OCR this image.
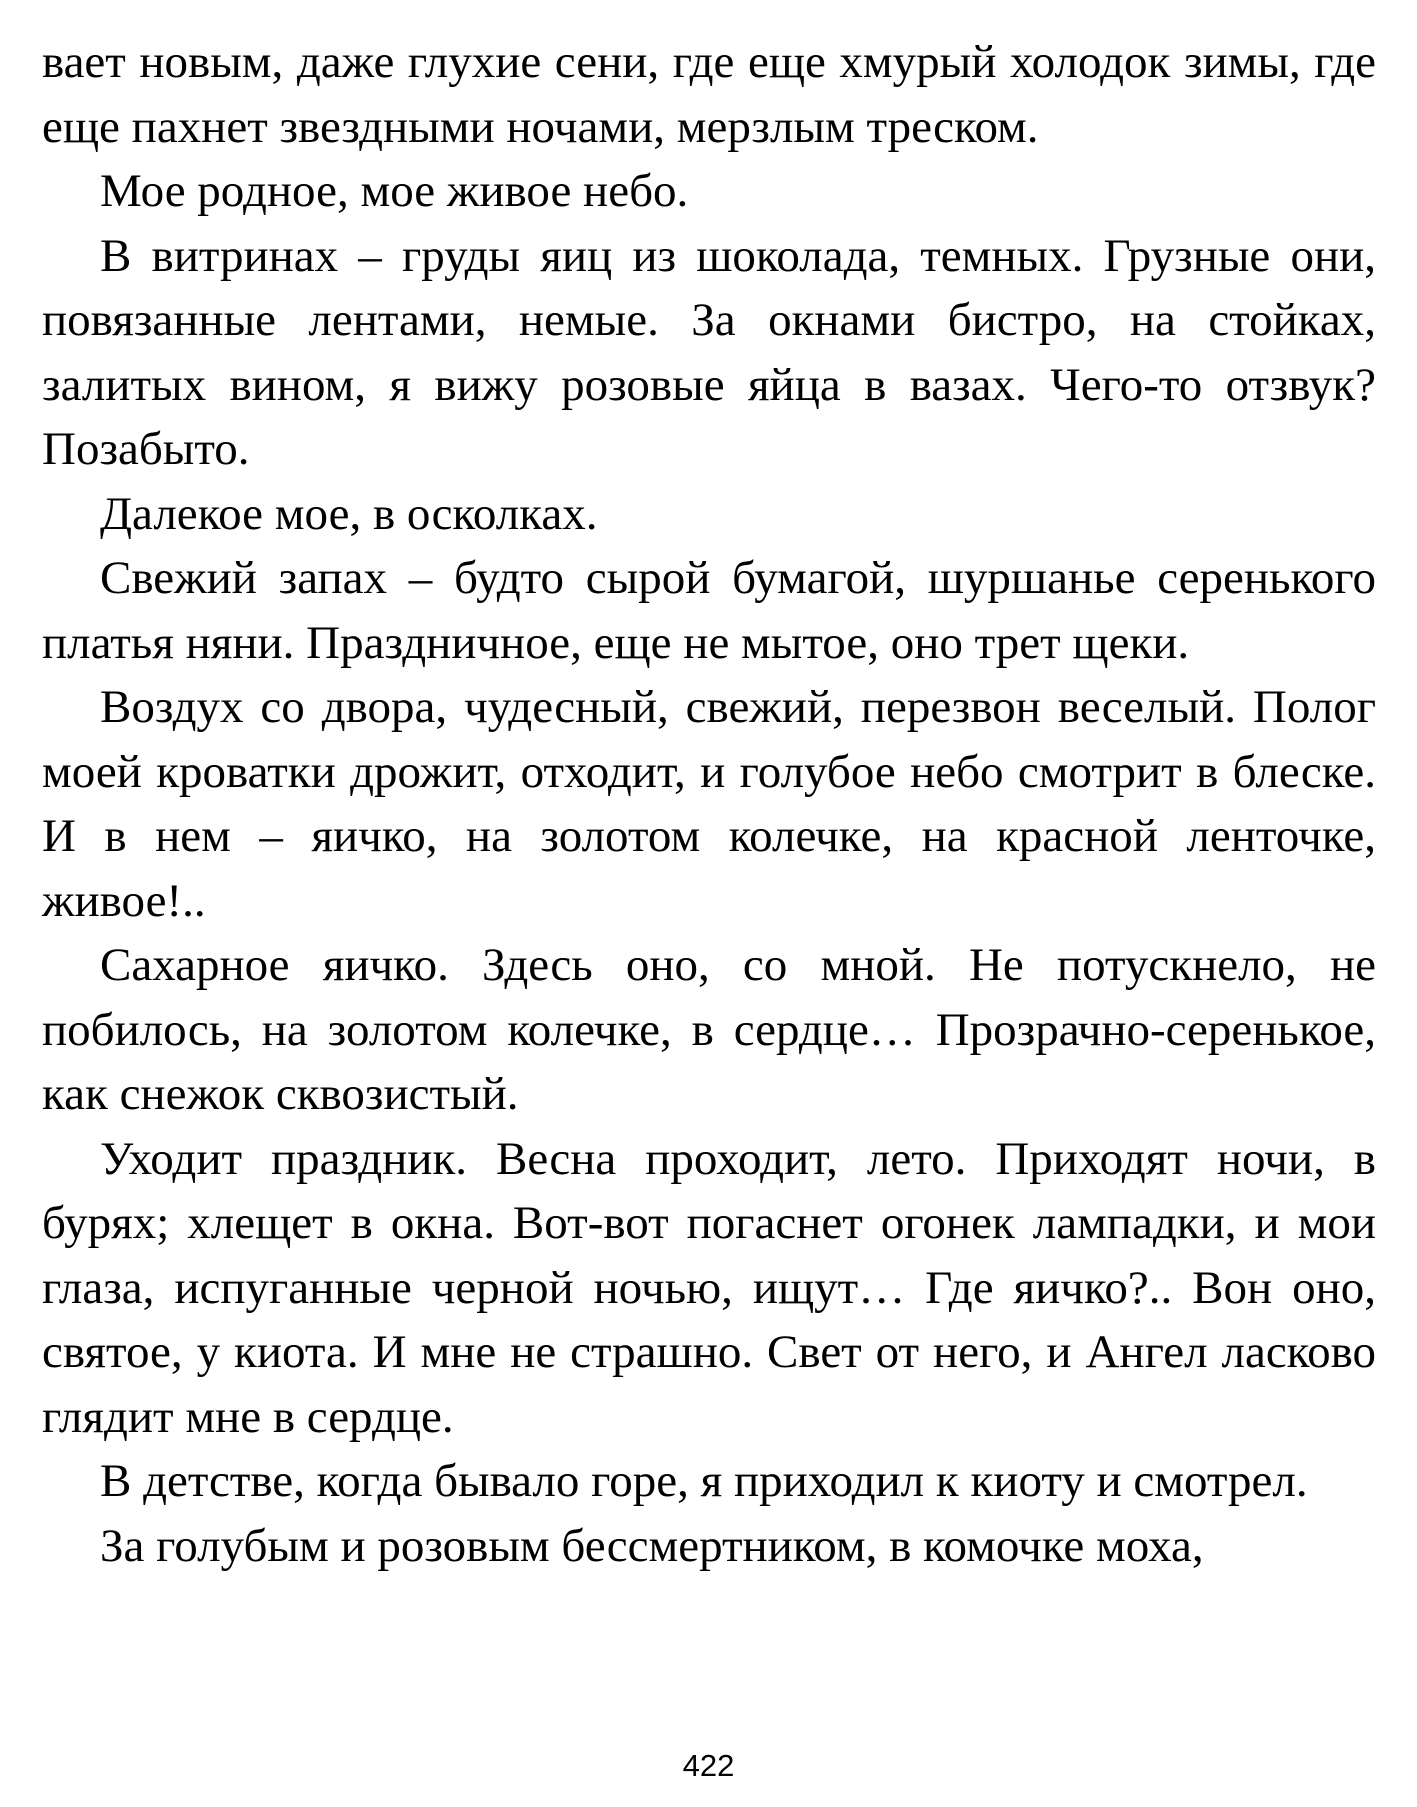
вает новым, даже глухие сени, где еще хмурый холодок зимы, где еще пахнет звездными ночами, мерзлым треском.

Мое родное, мое живое небо.

В витринах – груды яиц из шоколада, темных. Грузные они, повязанные лентами, немые. За окнами бистро, на стойках, залитых вином, я вижу розовые яйца в вазах. Чего-то отзвук? Позабыто.

Далекое мое, в осколках.

Свежий запах – будто сырой бумагой, шуршанье серенького платья няни. Праздничное, еще не мытое, оно трет щеки.

Воздух со двора, чудесный, свежий, перезвон веселый. Полог моей кроватки дрожит, отходит, и голубое небо смотрит в блеске. И в нем – яичко, на золотом колечке, на красной ленточке, живое!..

Сахарное яичко. Здесь оно, со мной. Не потускнело, не побилось, на золотом колечке, в сердце… Прозрачно-серенькое, как снежок сквозистый.

Уходит праздник. Весна проходит, лето. Приходят ночи, в бурях; хлещет в окна. Вот-вот погаснет огонек лампадки, и мои глаза, испуганные черной ночью, ищут… Где яичко?.. Вон оно, святое, у киота. И мне не страшно. Свет от него, и Ангел ласково глядит мне в сердце.

В детстве, когда бывало горе, я приходил к киоту и смотрел.

За голубым и розовым бессмертником, в комочке моха,

422
